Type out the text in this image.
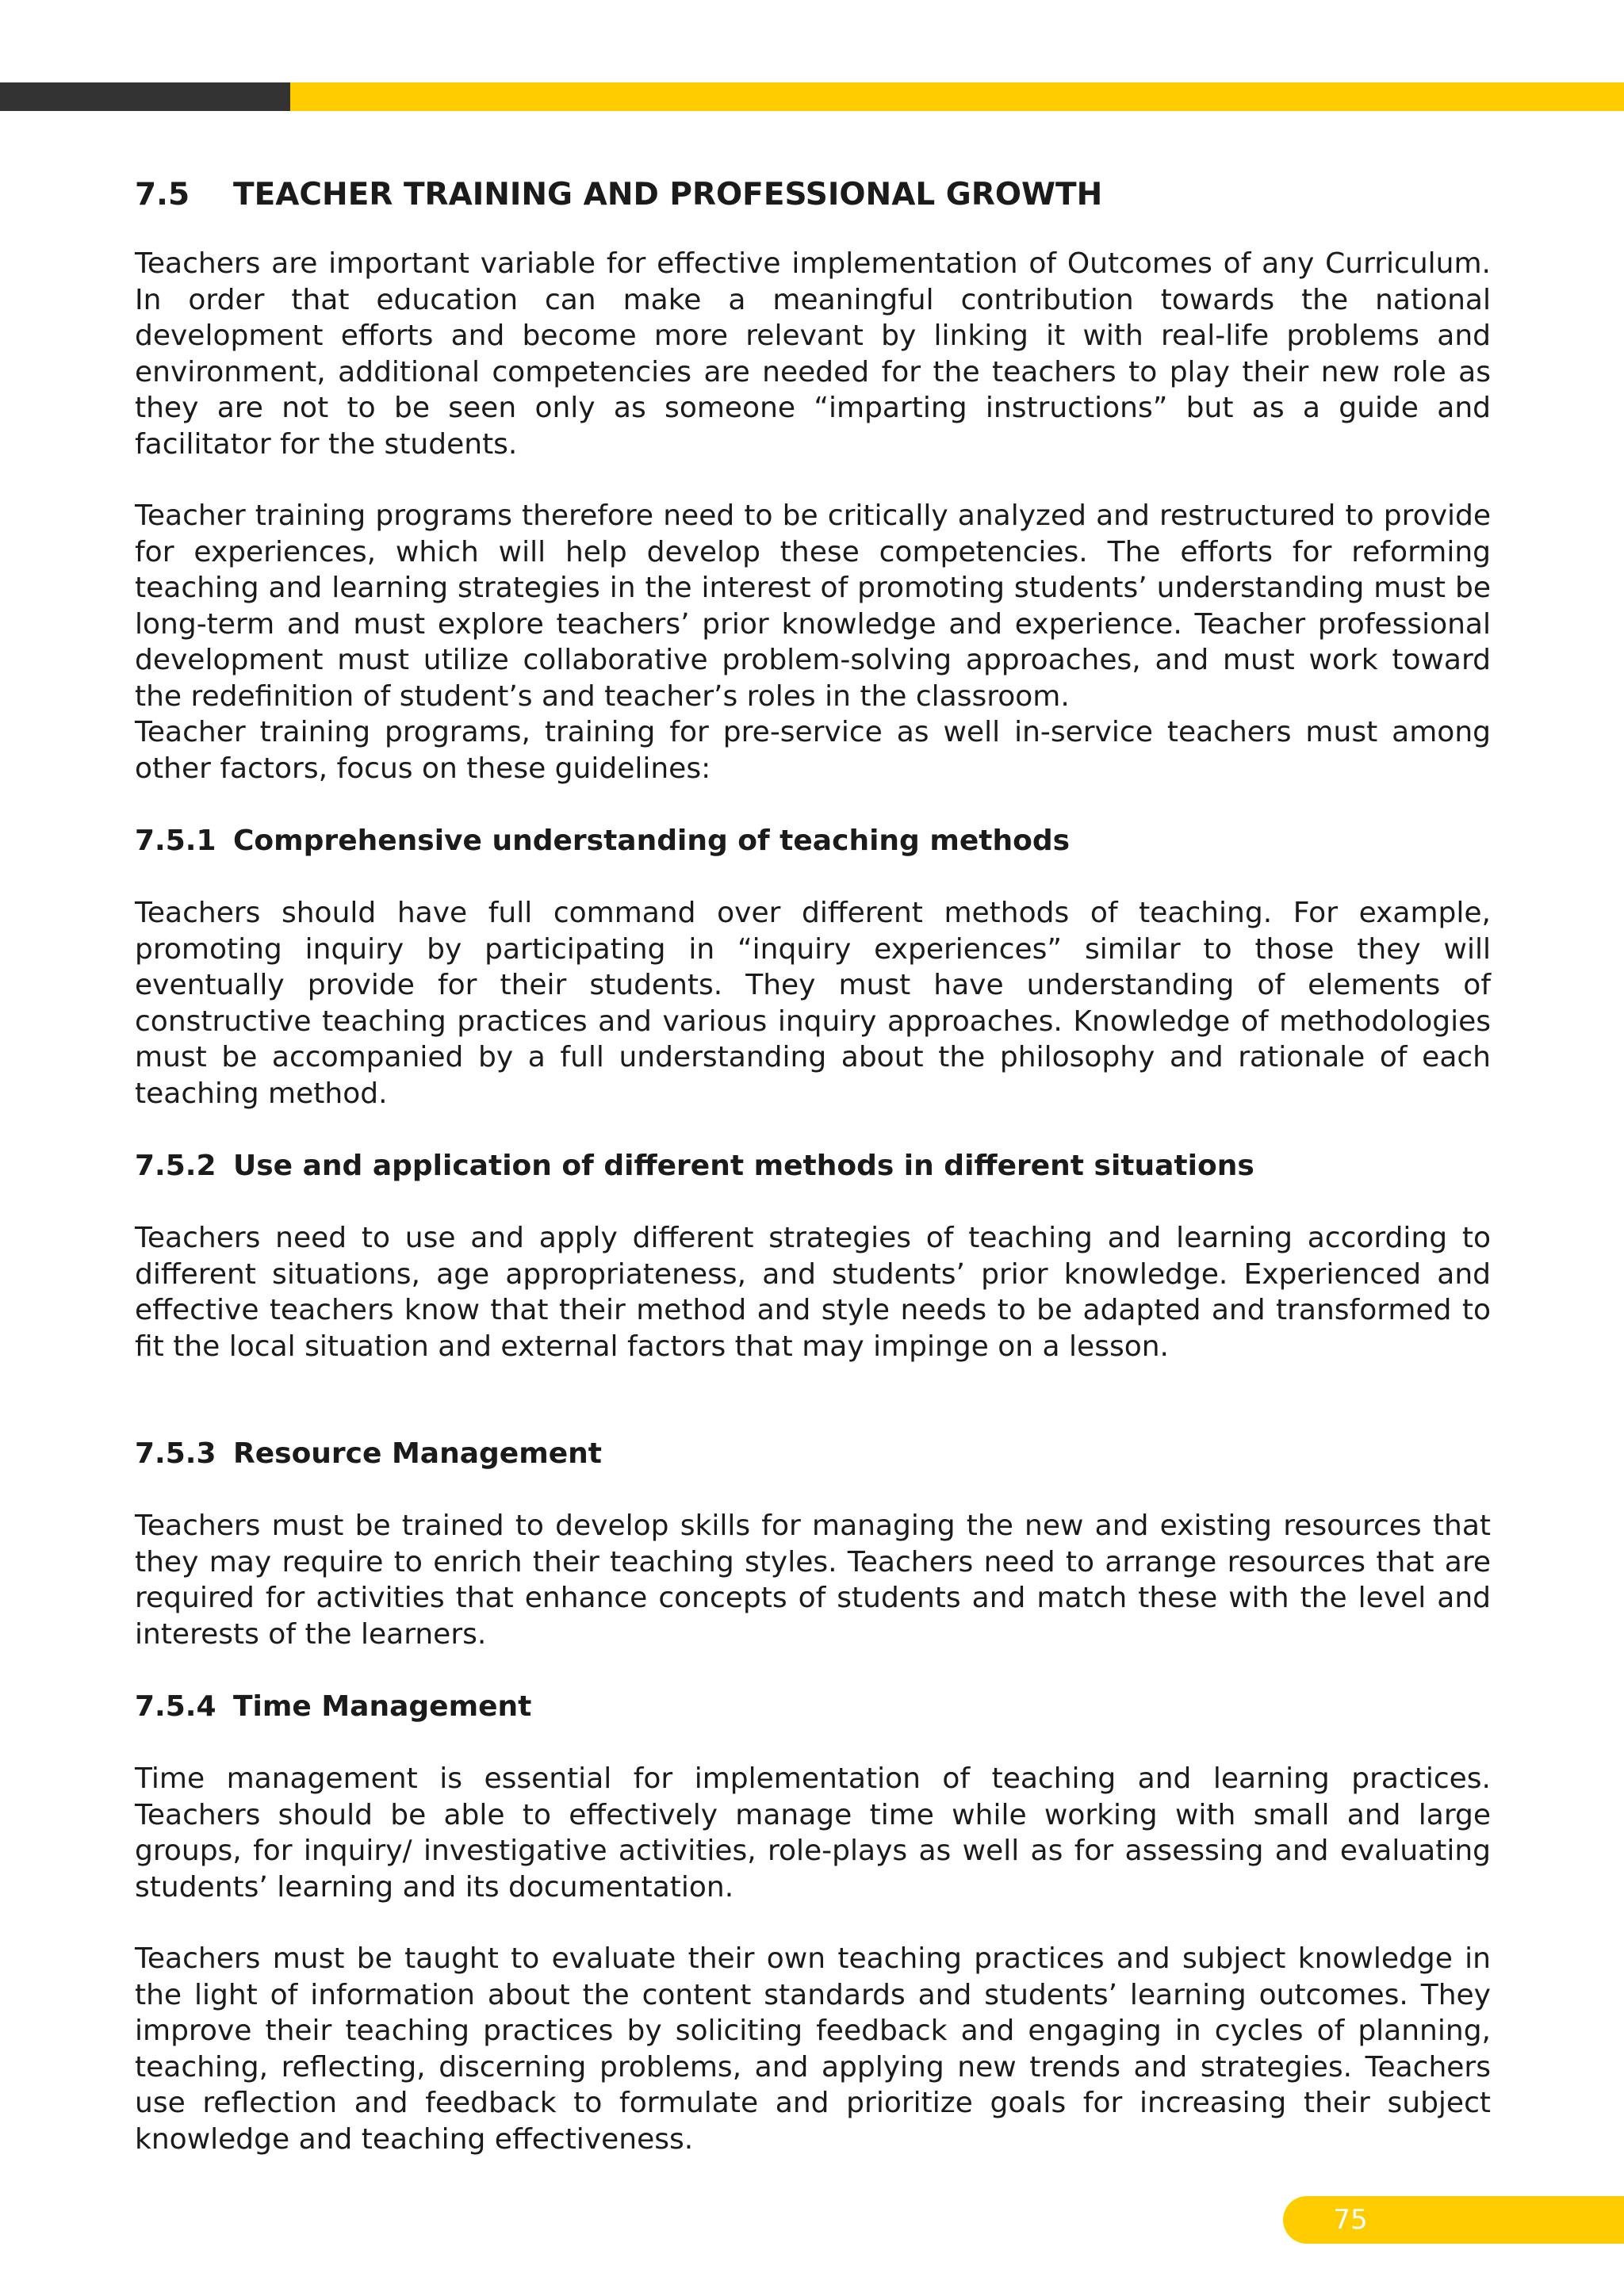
7.5 TEACHER TRAINING AND PROFESSIONAL GROWTH

Teachers are important variable for effective implementation of Outcomes of any Curriculum. In order that education can make a meaningful contribution towards the national development efforts and become more relevant by linking it with real-life problems and environment, additional competencies are needed for the teachers to play their new role as they are not to be seen only as someone “imparting instructions” but as a guide and facilitator for the students.

Teacher training programs therefore need to be critically analyzed and restructured to provide for experiences, which will help develop these competencies. The efforts for reforming teaching and learning strategies in the interest of promoting students’ understanding must be long-term and must explore teachers’ prior knowledge and experience. Teacher professional development must utilize collaborative problem-solving approaches, and must work toward the redefinition of student’s and teacher’s roles in the classroom.

Teacher training programs, training for pre-service as well in-service teachers must among other factors, focus on these guidelines:

7.5.1 Comprehensive understanding of teaching methods

Teachers should have full command over different methods of teaching. For example, promoting inquiry by participating in “inquiry experiences” similar to those they will eventually provide for their students. They must have understanding of elements of constructive teaching practices and various inquiry approaches. Knowledge of methodologies must be accompanied by a full understanding about the philosophy and rationale of each teaching method.

7.5.2 Use and application of different methods in different situations

Teachers need to use and apply different strategies of teaching and learning according to different situations, age appropriateness, and students’ prior knowledge. Experienced and effective teachers know that their method and style needs to be adapted and transformed to fit the local situation and external factors that may impinge on a lesson.

7.5.3 Resource Management

Teachers must be trained to develop skills for managing the new and existing resources that they may require to enrich their teaching styles. Teachers need to arrange resources that are required for activities that enhance concepts of students and match these with the level and interests of the learners.

7.5.4 Time Management

Time management is essential for implementation of teaching and learning practices. Teachers should be able to effectively manage time while working with small and large groups, for inquiry/ investigative activities, role-plays as well as for assessing and evaluating students’ learning and its documentation.

Teachers must be taught to evaluate their own teaching practices and subject knowledge in the light of information about the content standards and students’ learning outcomes. They improve their teaching practices by soliciting feedback and engaging in cycles of planning, teaching, reflecting, discerning problems, and applying new trends and strategies. Teachers use reflection and feedback to formulate and prioritize goals for increasing their subject knowledge and teaching effectiveness.

75
